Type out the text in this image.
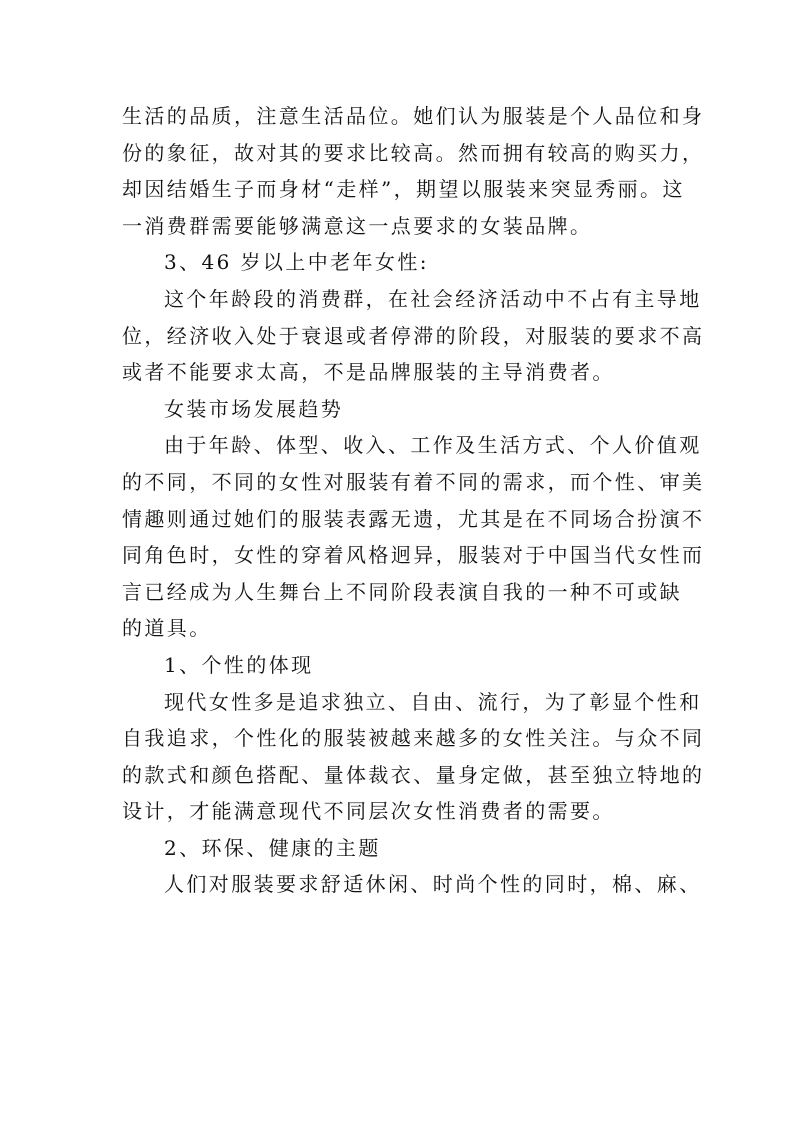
生活的品质，注意生活品位。她们认为服装是个人品位和身
份的象征，故对其的要求比较高。然而拥有较高的购买力，
却因结婚生子而身材“走样”，期望以服装来突显秀丽。这
一消费群需要能够满意这一点要求的女装品牌。
3、46 岁以上中老年女性:
这个年龄段的消费群，在社会经济活动中不占有主导地
位，经济收入处于衰退或者停滞的阶段，对服装的要求不高
或者不能要求太高，不是品牌服装的主导消费者。
女装市场发展趋势
由于年龄、体型、收入、工作及生活方式、个人价值观
的不同，不同的女性对服装有着不同的需求，而个性、审美
情趣则通过她们的服装表露无遗，尤其是在不同场合扮演不
同角色时，女性的穿着风格迥异，服装对于中国当代女性而
言已经成为人生舞台上不同阶段表演自我的一种不可或缺
的道具。
1、个性的体现
现代女性多是追求独立、自由、流行，为了彰显个性和
自我追求，个性化的服装被越来越多的女性关注。与众不同
的款式和颜色搭配、量体裁衣、量身定做，甚至独立特地的
设计，才能满意现代不同层次女性消费者的需要。
2、环保、健康的主题
人们对服装要求舒适休闲、时尚个性的同时，棉、麻、
